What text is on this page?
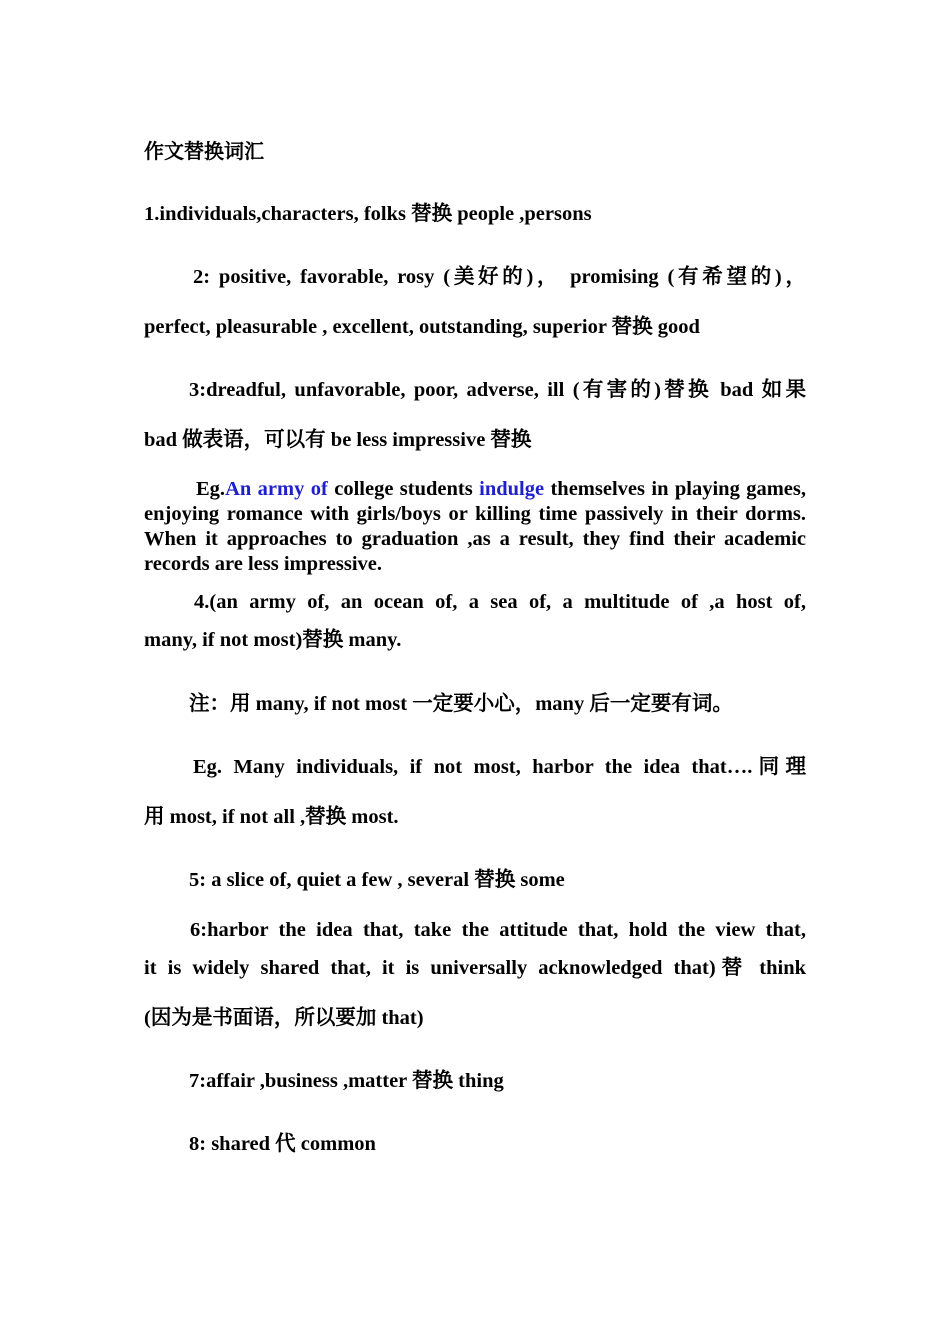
作文替换词汇
1.individuals,characters, folks 替换 people ,persons
2: positive, favorable, rosy (美好的)， promising (有希望的)，
perfect, pleasurable , excellent, outstanding, superior 替换 good
3:dreadful, unfavorable, poor, adverse, ill (有害的)替换 bad 如果
bad 做表语，可以有 be less impressive 替换
Eg.An army of college students indulge themselves in playing games, enjoying romance with girls/boys or killing time passively in their dorms. When it approaches to graduation ,as a result, they find their academic records are less impressive.
4.(an army of, an ocean of, a sea of, a multitude of ,a host of,
many, if not most)替换 many.
注：用 many, if not most 一定要小心，many 后一定要有词。
Eg. Many individuals, if not most, harbor the idea that….同理
用 most, if not all ,替换 most.
5: a slice of, quiet a few , several 替换 some
6:harbor the idea that, take the attitude that, hold the view that,
it is widely shared that, it is universally acknowledged that)替 think
(因为是书面语，所以要加 that)
7:affair ,business ,matter 替换 thing
8: shared 代 common
